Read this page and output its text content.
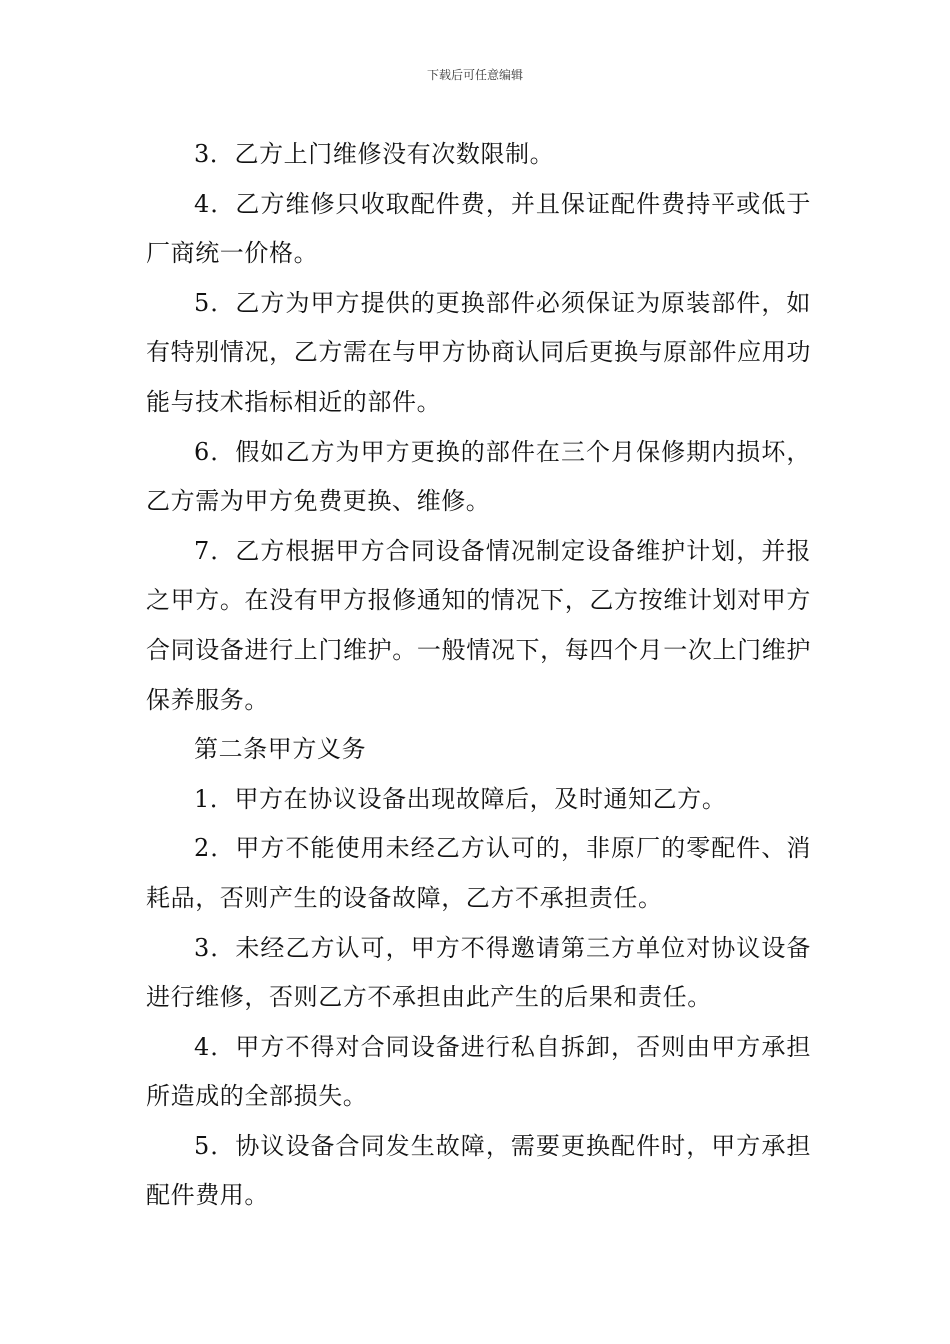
下载后可任意编辑

3．乙方上门维修没有次数限制。

4．乙方维修只收取配件费，并且保证配件费持平或低于厂商统一价格。

5．乙方为甲方提供的更换部件必须保证为原装部件，如有特别情况，乙方需在与甲方协商认同后更换与原部件应用功能与技术指标相近的部件。

6．假如乙方为甲方更换的部件在三个月保修期内损坏，乙方需为甲方免费更换、维修。

7．乙方根据甲方合同设备情况制定设备维护计划，并报之甲方。在没有甲方报修通知的情况下，乙方按维计划对甲方合同设备进行上门维护。一般情况下，每四个月一次上门维护保养服务。

第二条甲方义务

1．甲方在协议设备出现故障后，及时通知乙方。

2．甲方不能使用未经乙方认可的，非原厂的零配件、消耗品，否则产生的设备故障，乙方不承担责任。

3．未经乙方认可，甲方不得邀请第三方单位对协议设备进行维修，否则乙方不承担由此产生的后果和责任。

4．甲方不得对合同设备进行私自拆卸，否则由甲方承担所造成的全部损失。

5．协议设备合同发生故障，需要更换配件时，甲方承担配件费用。
